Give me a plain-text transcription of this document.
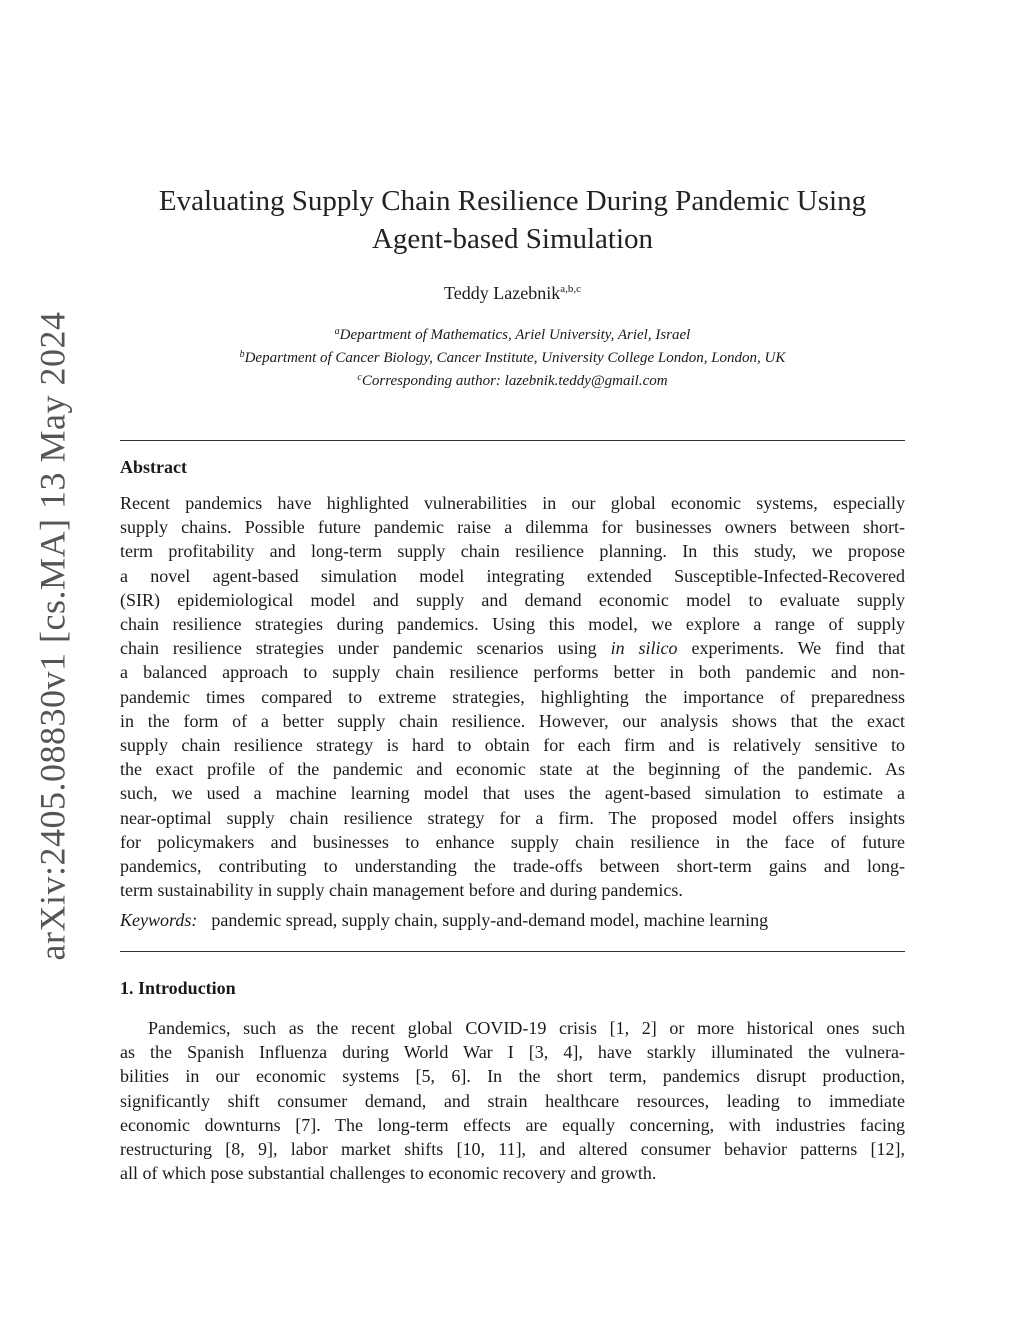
arXiv:2405.08830v1 [cs.MA] 13 May 2024
Evaluating Supply Chain Resilience During Pandemic Using
Agent-based Simulation
Teddy Lazebnik$^{a,b,c}$
$^a$Department of Mathematics, Ariel University, Ariel, Israel
$^b$Department of Cancer Biology, Cancer Institute, University College London, London, UK
$^c$Corresponding author: lazebnik.teddy@gmail.com
Abstract
Recent pandemics have highlighted vulnerabilities in our global economic systems, especially
supply chains. Possible future pandemic raise a dilemma for businesses owners between short-
term profitability and long-term supply chain resilience planning. In this study, we propose
a novel agent-based simulation model integrating extended Susceptible-Infected-Recovered
(SIR) epidemiological model and supply and demand economic model to evaluate supply
chain resilience strategies during pandemics. Using this model, we explore a range of supply
chain resilience strategies under pandemic scenarios using in silico experiments. We find that
a balanced approach to supply chain resilience performs better in both pandemic and non-
pandemic times compared to extreme strategies, highlighting the importance of preparedness
in the form of a better supply chain resilience. However, our analysis shows that the exact
supply chain resilience strategy is hard to obtain for each firm and is relatively sensitive to
the exact profile of the pandemic and economic state at the beginning of the pandemic. As
such, we used a machine learning model that uses the agent-based simulation to estimate a
near-optimal supply chain resilience strategy for a firm. The proposed model offers insights
for policymakers and businesses to enhance supply chain resilience in the face of future
pandemics, contributing to understanding the trade-offs between short-term gains and long-
term sustainability in supply chain management before and during pandemics.
Keywords: pandemic spread, supply chain, supply-and-demand model, machine learning
1. Introduction
Pandemics, such as the recent global COVID-19 crisis [1, 2] or more historical ones such
as the Spanish Influenza during World War I [3, 4], have starkly illuminated the vulnera-
bilities in our economic systems [5, 6]. In the short term, pandemics disrupt production,
significantly shift consumer demand, and strain healthcare resources, leading to immediate
economic downturns [7]. The long-term effects are equally concerning, with industries facing
restructuring [8, 9], labor market shifts [10, 11], and altered consumer behavior patterns [12],
all of which pose substantial challenges to economic recovery and growth.
